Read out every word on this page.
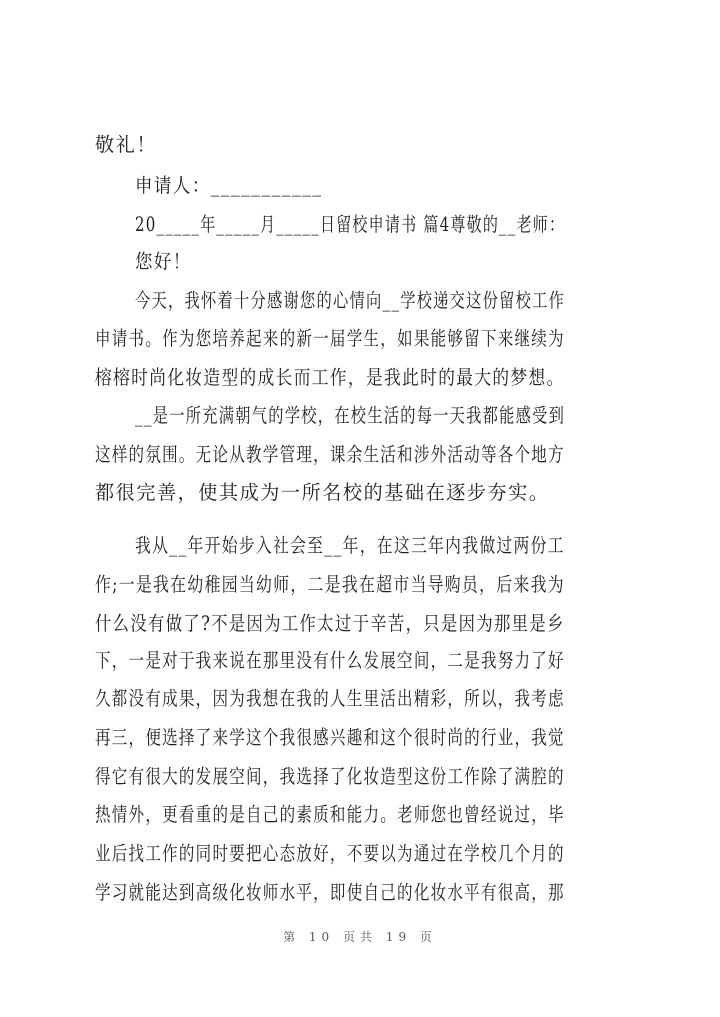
敬礼！
申请人：___________
20_____年_____月_____日留校申请书 篇4尊敬的__老师：
您好！
今天，我怀着十分感谢您的心情向__学校递交这份留校工作
申请书。作为您培养起来的新一届学生，如果能够留下来继续为
榕榕时尚化妆造型的成长而工作，是我此时的最大的梦想。
__是一所充满朝气的学校，在校生活的每一天我都能感受到
这样的氛围。无论从教学管理，课余生活和涉外活动等各个地方
都很完善，使其成为一所名校的基础在逐步夯实。
我从__年开始步入社会至__年，在这三年内我做过两份工
作;一是我在幼稚园当幼师，二是我在超市当导购员，后来我为
什么没有做了?不是因为工作太过于辛苦，只是因为那里是乡
下，一是对于我来说在那里没有什么发展空间，二是我努力了好
久都没有成果，因为我想在我的人生里活出精彩，所以，我考虑
再三，便选择了来学这个我很感兴趣和这个很时尚的行业，我觉
得它有很大的发展空间，我选择了化妆造型这份工作除了满腔的
热情外，更看重的是自己的素质和能力。老师您也曾经说过，毕
业后找工作的同时要把心态放好，不要以为通过在学校几个月的
学习就能达到高级化妆师水平，即使自己的化妆水平有很高，那
第 10 页共 19 页
